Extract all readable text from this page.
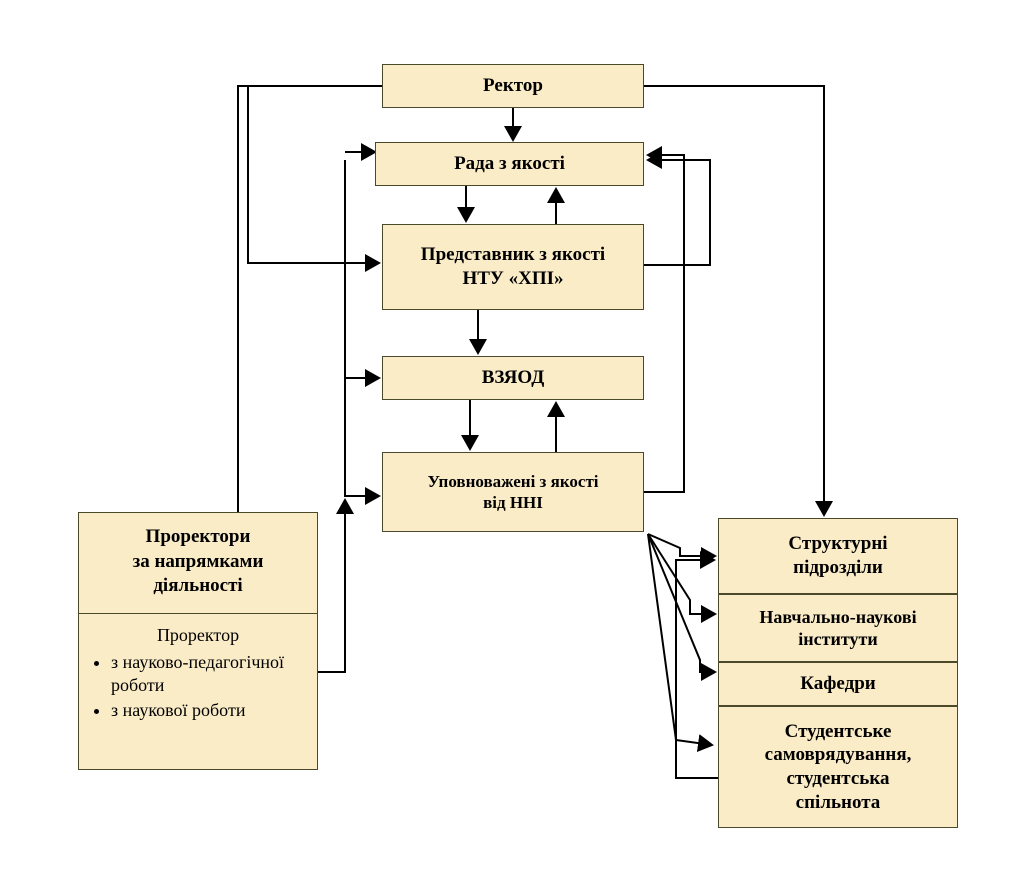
Ректор
Рада з якості
Представник з якості
НТУ «ХПІ»
ВЗЯОД
Уповноважені з якості
від ННІ
Проректори
за напрямками
діяльності
Проректор
• з науково-педагогічної роботи
• з наукової роботи
Структурні
підрозділи
Навчально-наукові
інститути
Кафедри
Студентське
самоврядування,
студентська
спільнота
